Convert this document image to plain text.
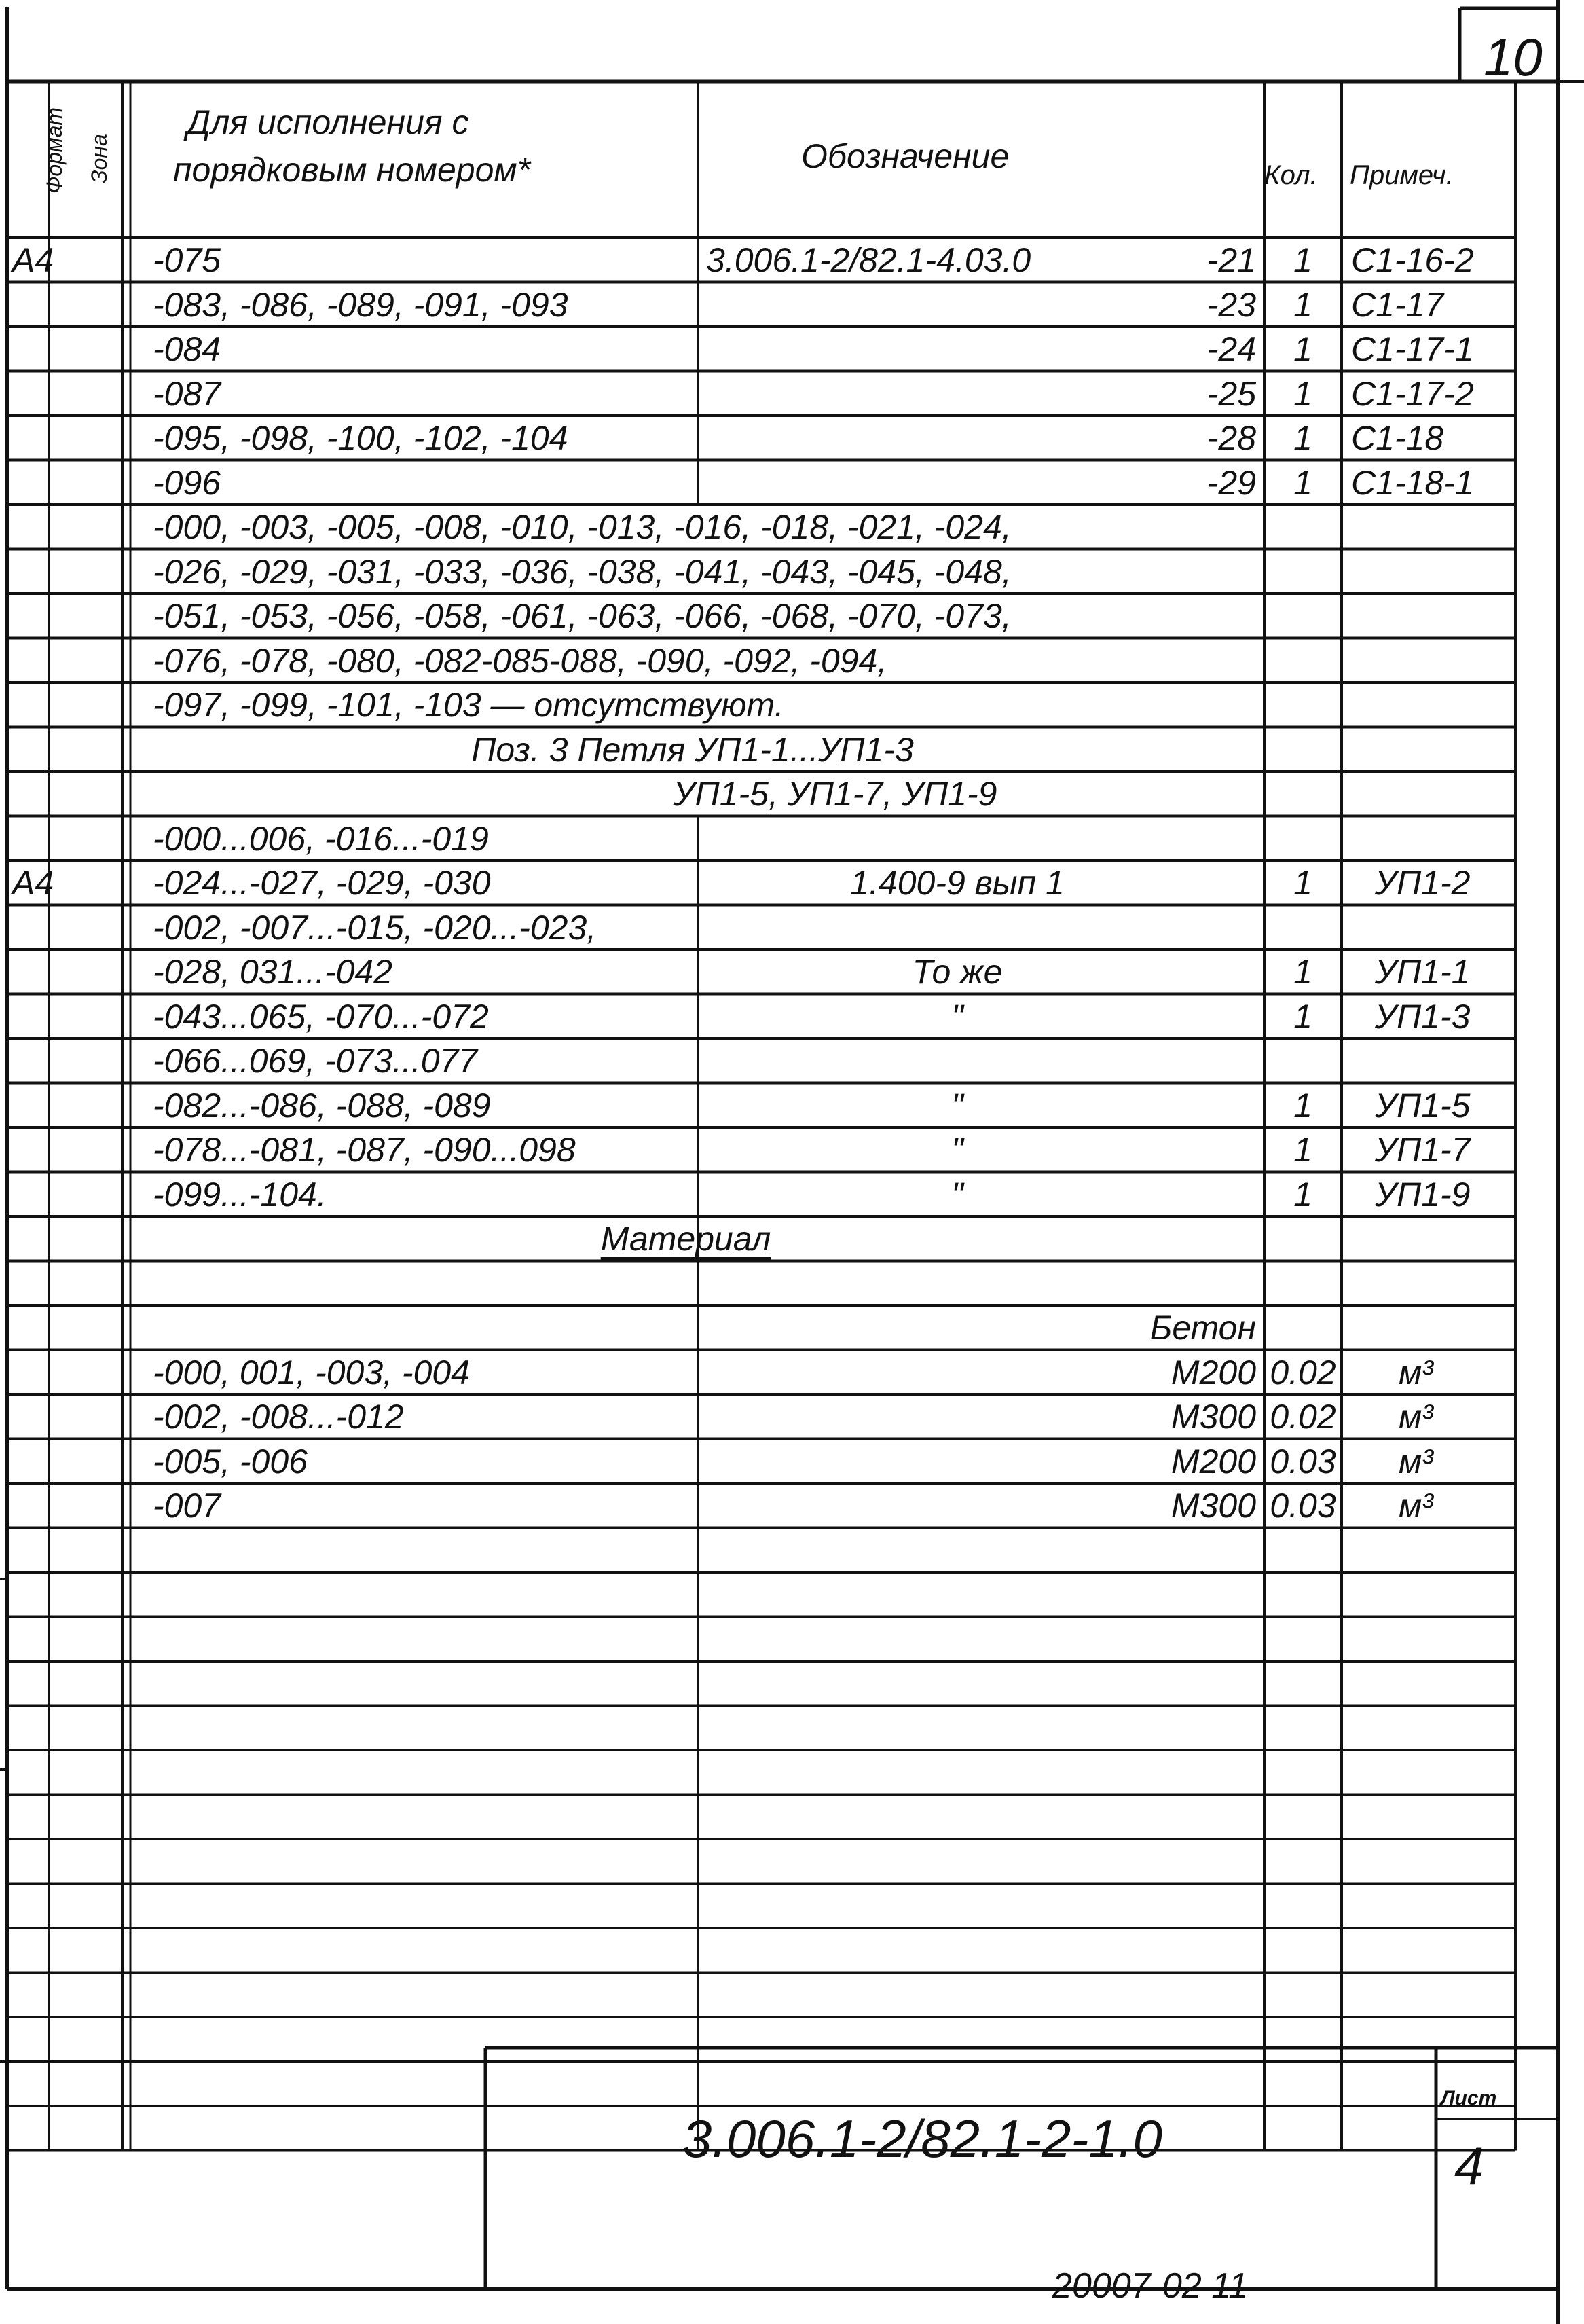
10
Формат Зона
Для исполнения с
порядковым номером*	Обозначение	Кол. Примеч.
А4	-075	3.006.1-2/82.1-4.03.0	-21 1 С1-16-2
-083, -086, -089, -091, -093	-23 1 С1-17
-084	-24 1 С1-17-1
-087	-25 1 С1-17-2
-095, -098, -100, -102, -104	-28 1 С1-18
-096	-29 1 С1-18-1
-000, -003, -005, -008, -010, -013, -016, -018, -021, -024,
-026, -029, -031, -033, -036, -038, -041, -043, -045, -048,
-051, -053, -056, -058, -061, -063, -066, -068, -070, -073,
-076, -078, -080, -082-085-088, -090, -092, -094,
-097, -099, -101, -103 — отсутствуют.
Поз. 3 Петля УП1-1...УП1-3
УП1-5, УП1-7, УП1-9
-000...006, -016...-019
А4	-024...-027, -029, -030	1.400-9 вып 1	1 УП1-2
-002, -007...-015, -020...-023,
-028, 031...-042	То же	1 УП1-1
-043...065, -070...-072	"	1 УП1-3
-066...069, -073...077
-082...-086, -088, -089	"	1 УП1-5
-078...-081, -087, -090...098	"	1 УП1-7
-099...-104.	"	1 УП1-9
Материал
Бетон
-000, 001, -003, -004	М200 0.02 м³
-002, -008...-012	М300 0.02 м³
-005, -006	М200 0.03 м³
-007	М300 0.03 м³
3.006.1-2/82.1-2-1.0
Лист
4
20007-02 11
